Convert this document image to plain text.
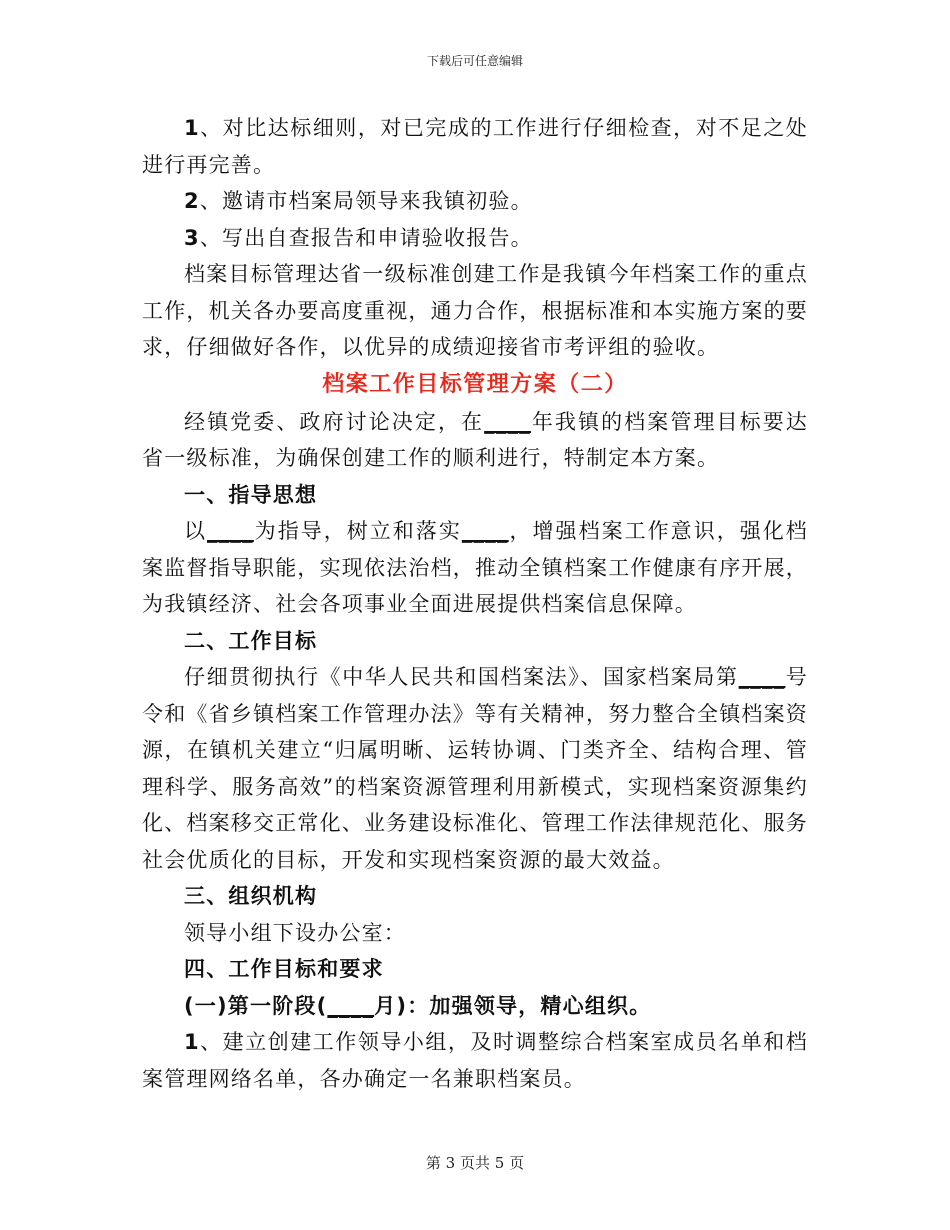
下载后可任意编辑

1、对比达标细则，对已完成的工作进行仔细检查，对不足之处进行再完善。

2、邀请市档案局领导来我镇初验。

3、写出自查报告和申请验收报告。

档案目标管理达省一级标准创建工作是我镇今年档案工作的重点工作，机关各办要高度重视，通力合作，根据标准和本实施方案的要求，仔细做好各作，以优异的成绩迎接省市考评组的验收。

档案工作目标管理方案（二）

经镇党委、政府讨论决定，在____年我镇的档案管理目标要达省一级标准，为确保创建工作的顺利进行，特制定本方案。

一、指导思想

以____为指导，树立和落实____，增强档案工作意识，强化档案监督指导职能，实现依法治档，推动全镇档案工作健康有序开展，为我镇经济、社会各项事业全面进展提供档案信息保障。

二、工作目标

仔细贯彻执行《中华人民共和国档案法》、国家档案局第____号令和《省乡镇档案工作管理办法》等有关精神，努力整合全镇档案资源，在镇机关建立“归属明晰、运转协调、门类齐全、结构合理、管理科学、服务高效”的档案资源管理利用新模式，实现档案资源集约化、档案移交正常化、业务建设标准化、管理工作法律规范化、服务社会优质化的目标，开发和实现档案资源的最大效益。

三、组织机构

领导小组下设办公室：

四、工作目标和要求

(一)第一阶段(____月)：加强领导，精心组织。

1、建立创建工作领导小组，及时调整综合档案室成员名单和档案管理网络名单，各办确定一名兼职档案员。

第 3 页共 5 页
